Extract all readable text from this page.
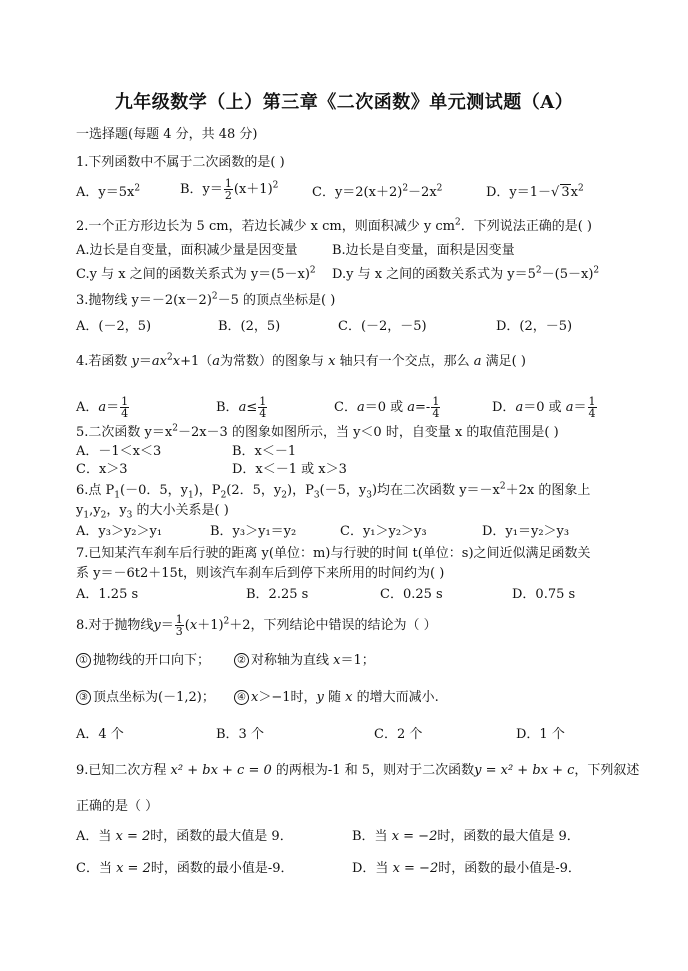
九年级数学（上）第三章《二次函数》单元测试题（A）
一选择题(每题 4 分，共 48 分)
1.下列函数中不属于二次函数的是( )
A．$y=5x^2$	B．$y= \frac{1}{2} (x+1)^2$	C．$y=2(x+2)^2-2x^2$	D．y＝1－√ $3x^2$
2.一个正方形边长为 5 cm，若边长减少 x cm，则面积减少 y $cm^2$．下列说法正确的是( )
A.边长是自变量，面积减少量是因变量	B.边长是自变量，面积是因变量
C.y 与 x 之间的函数关系式为 $y=(5-x)^2$ D.y 与 x 之间的函数关系式为 $y=5^2-(5-x)^2$
3.抛物线 $y=-2(x-2)^2-5$ 的顶点坐标是( )
A．(－2，5)	B．(2，5)	C．(－2，－5)	D．(2，－5)
4.若函数 $y=ax^2x+1(a$为常数）的图象与 x 轴只有一个交点，那么 a 满足( )
A．$a= \frac{1}{4}$	B．$a\le \frac{1}{4}$	C．a＝0 或 $a=- \frac{1}{4}$	D．a＝0 或 $a= \frac{1}{4}$
5.二次函数 $y=x^2-2x-3$ 的图象如图所示，当 y＜0 时，自变量 x 的取值范围是( )
A．－1＜x＜3	B．x＜－1
C．x＞3	D．x＜－1 或 x＞3
6.点 $P_1(-0$．5，$y_1$)，$P_2(2$．5，$y_2$)，$P_3(-5$，$y_3$)均在二次函数 $y=-x^2+2x$ 的图象上
$y_1,y_2$，$y_3$ 的大小关系是( )
A．y₃＞y₂＞y₁	B．y₃＞y₁＝y₂	C．y₁＞y₂＞y₃	D．y₁＝y₂＞y₃
7.已知某汽车刹车后行驶的距离 y(单位：m)与行驶的时间 t(单位：s)之间近似满足函数关
系 y＝－6t2＋15t，则该汽车刹车后到停下来所用的时间约为( )
A．1.25 s	B．2.25 s	C．0.25 s	D．0.75 s
8.对于抛物线$y= \frac{1}{3} (x+1)^2+2$，下列结论中错误的结论为（ ）
① 抛物线的开口向下；	② 对称轴为直线 x＝1；
③ 顶点坐标为(－1,2)；	④ x＞−1时，y 随 x 的增大而减小.
A．4 个	B．3 个	C．2 个	D．1 个
9.已知二次方程 x² + bx + c = 0 的两根为-1 和 5，则对于二次函数y = x² + bx + c，下列叙述
正确的是（ ）
A．当 x = 2时，函数的最大值是 9．	B．当 x = −2时，函数的最大值是 9．
C．当 x = 2时，函数的最小值是-9．	D．当 x = −2时，函数的最小值是-9．
